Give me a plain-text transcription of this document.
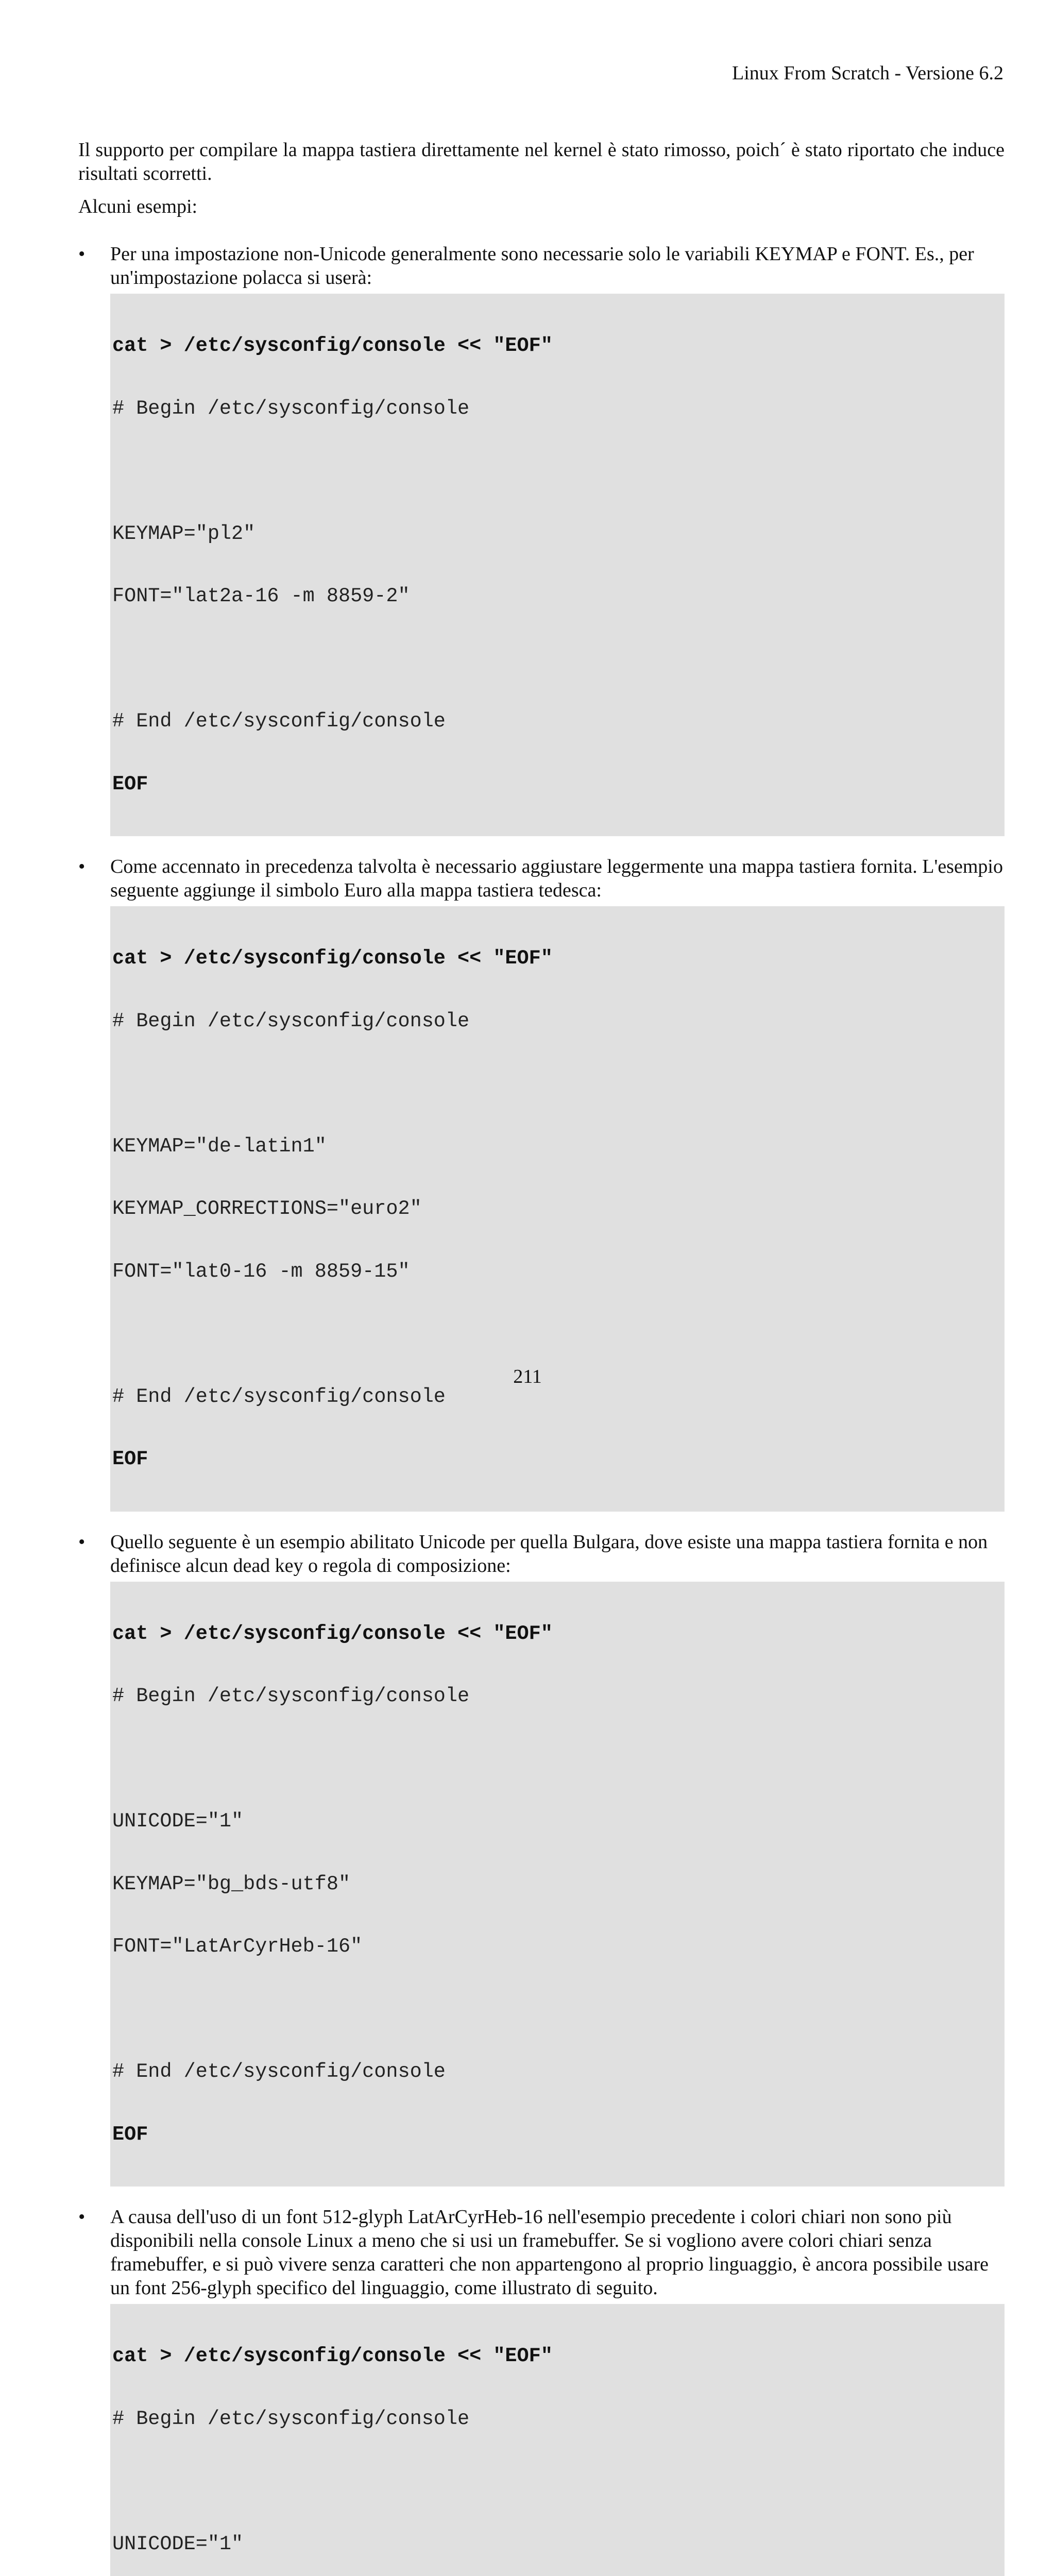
Linux From Scratch - Versione 6.2

Il supporto per compilare la mappa tastiera direttamente nel kernel è stato rimosso, poich´ è stato riportato che induce risultati scorretti.

Alcuni esempi:

• Per una impostazione non-Unicode generalmente sono necessarie solo le variabili KEYMAP e FONT. Es., per un'impostazione polacca si userà:

cat > /etc/sysconfig/console << "EOF"

# Begin /etc/sysconfig/console

KEYMAP="pl2"

FONT="lat2a-16 -m 8859-2"

# End /etc/sysconfig/console

EOF

• Come accennato in precedenza talvolta è necessario aggiustare leggermente una mappa tastiera fornita. L'esempio seguente aggiunge il simbolo Euro alla mappa tastiera tedesca:

cat > /etc/sysconfig/console << "EOF"

# Begin /etc/sysconfig/console

KEYMAP="de-latin1"

KEYMAP_CORRECTIONS="euro2"

FONT="lat0-16 -m 8859-15"

# End /etc/sysconfig/console

EOF

• Quello seguente è un esempio abilitato Unicode per quella Bulgara, dove esiste una mappa tastiera fornita e non definisce alcun dead key o regola di composizione:

cat > /etc/sysconfig/console << "EOF"

# Begin /etc/sysconfig/console

UNICODE="1"

KEYMAP="bg_bds-utf8"

FONT="LatArCyrHeb-16"

# End /etc/sysconfig/console

EOF

• A causa dell'uso di un font 512-glyph LatArCyrHeb-16 nell'esempio precedente i colori chiari non sono più disponibili nella console Linux a meno che si usi un framebuffer. Se si vogliono avere colori chiari senza framebuffer, e si può vivere senza caratteri che non appartengono al proprio linguaggio, è ancora possibile usare un font 256-glyph specifico del linguaggio, come illustrato di seguito.

cat > /etc/sysconfig/console << "EOF"

# Begin /etc/sysconfig/console

UNICODE="1"

211
